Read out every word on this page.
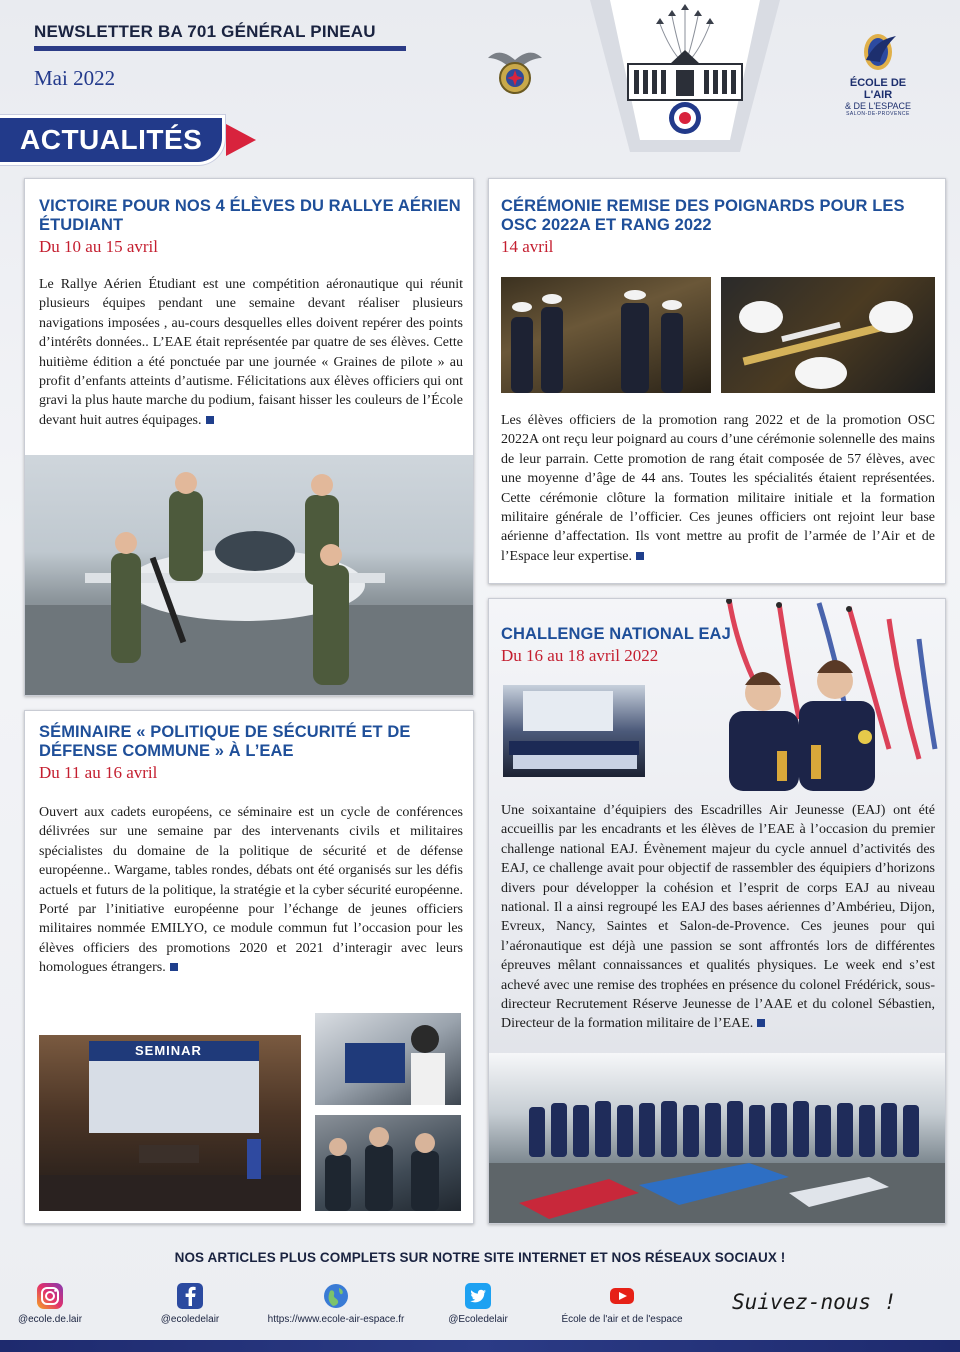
NEWSLETTER BA 701 GÉNÉRAL PINEAU
Mai 2022	ÉCOLE DE L'AIR
& DE L'ESPACE
SALON-DE-PROVENCE
ACTUALITÉS
VICTOIRE POUR NOS 4 ÉLÈVES DU RALLYE AÉRIEN ÉTUDIANT
Du 10 au 15 avril
Le Rallye Aérien Étudiant est une compétition aéronautique qui réunit plusieurs équipes pendant une semaine devant réaliser plusieurs navigations imposées , au-cours desquelles elles doivent repérer des points d’intérêts données.. L’EAE était représentée par quatre de ses élèves. Cette huitième édition a été ponctuée par une journée « Graines de pilote » au profit d’enfants atteints d’autisme. Félicitations aux élèves officiers qui ont gravi la plus haute marche du podium, faisant hisser les couleurs de l’École devant huit autres équipages.
CÉRÉMONIE REMISE DES POIGNARDS POUR LES OSC 2022A ET RANG 2022
14 avril
Les élèves officiers de la promotion rang 2022 et de la promotion OSC 2022A ont reçu leur poignard au cours d’une cérémonie solennelle des mains de leur parrain. Cette promotion de rang était composée de 57 élèves, avec une moyenne d’âge de 44 ans. Toutes les spécialités étaient représentées. Cette cérémonie clôture la formation militaire initiale et la formation militaire générale de l’officier. Ces jeunes officiers ont rejoint leur base aérienne d’affectation. Ils vont mettre au profit de l’armée de l’Air et de l’Espace leur expertise.
SÉMINAIRE « POLITIQUE DE SÉCURITÉ ET DE DÉFENSE COMMUNE » À L’EAE
Du 11 au 16 avril
Ouvert aux cadets européens, ce séminaire est un cycle de conférences délivrées sur une semaine par des intervenants civils et militaires spécialistes du domaine de la politique de sécurité et de défense européenne.. Wargame, tables rondes, débats ont été organisés sur les défis actuels et futurs de la politique, la stratégie et la cyber sécurité européenne. Porté par l’initiative européenne pour l’échange de jeunes officiers militaires nommée EMILYO, ce module commun fut l’occasion pour les élèves officiers des promotions 2020 et 2021 d’interagir avec leurs homologues étrangers.
SEMINAR
CHALLENGE NATIONAL EAJ
Du 16 au 18 avril 2022
Une soixantaine d’équipiers des Escadrilles Air Jeunesse (EAJ) ont été accueillis par les encadrants et les élèves de l’EAE à l’occasion du premier challenge national EAJ. Évènement majeur du cycle annuel d’activités des EAJ, ce challenge avait pour objectif de rassembler des équipiers d’horizons divers pour développer la cohésion et l’esprit de corps EAJ au niveau national. Il a ainsi regroupé les EAJ des bases aériennes d’Ambérieu, Dijon, Evreux, Nancy, Saintes et Salon-de-Provence. Ces jeunes pour qui l’aéronautique est déjà une passion se sont affrontés lors de différentes épreuves mêlant connaissances et qualités physiques. Le week end s’est achevé avec une remise des trophées en présence du colonel Frédérick, sous-directeur Recrutement Réserve Jeunesse de l’AAE et du colonel Sébastien, Directeur de la formation militaire de l’EAE.
NOS ARTICLES PLUS COMPLETS SUR NOTRE SITE INTERNET ET NOS RÉSEAUX SOCIAUX !
@ecole.de.lair	@ecoledelair	https://www.ecole-air-espace.fr	@Ecoledelair	École de l'air et de l'espace
Suivez-nous !
